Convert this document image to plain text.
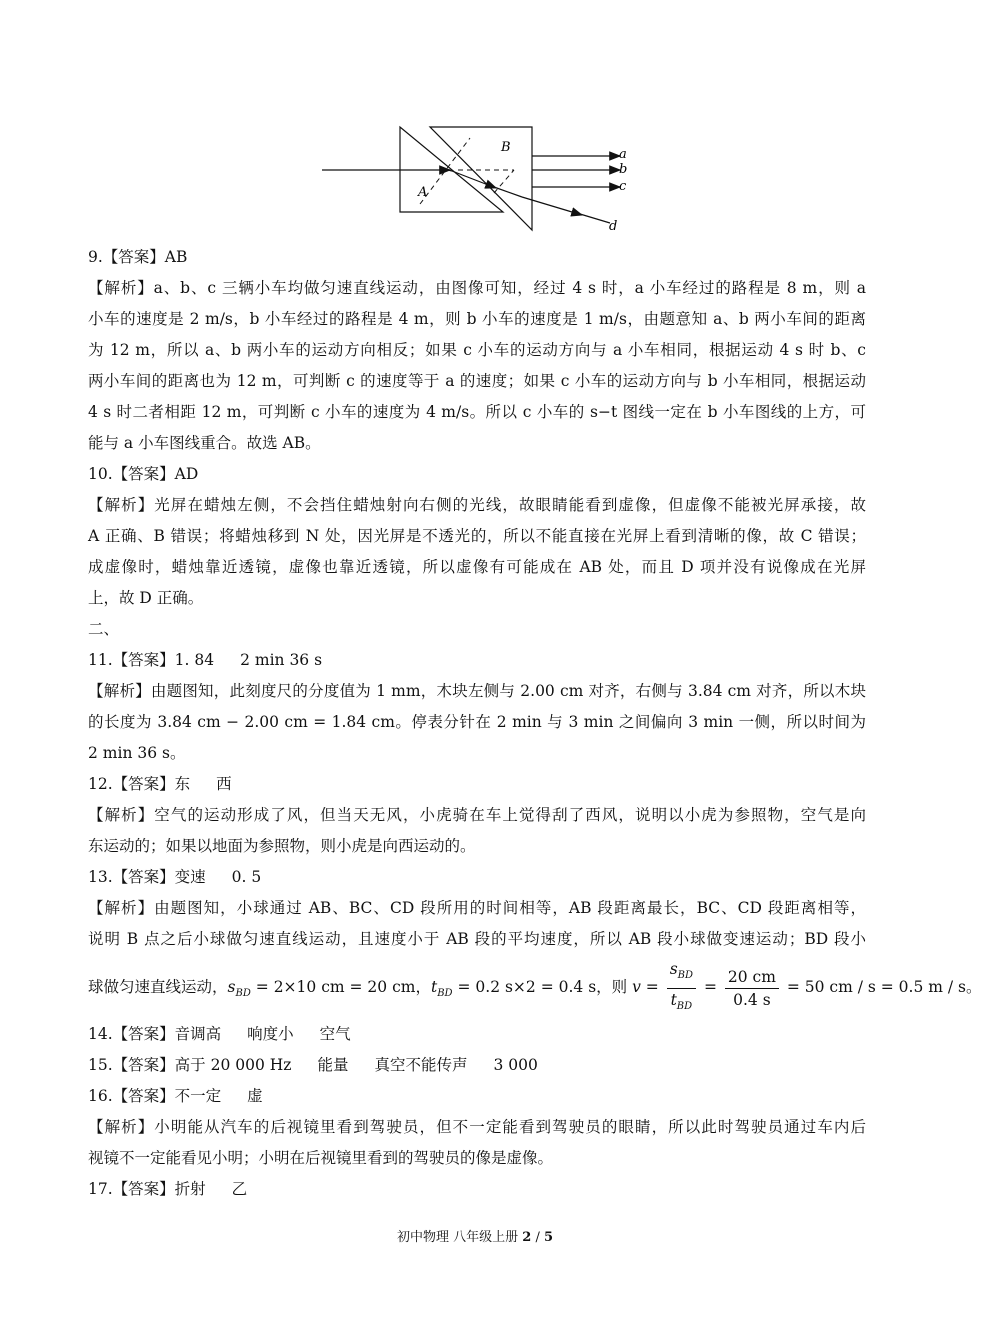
A
B	a
b
c
d
9.【答案】AB
【解析】a、b、c 三辆小车均做匀速直线运动，由图像可知，经过 4 s 时，a 小车经过的路程是 8 m，则 a
小车的速度是 2 m/s，b 小车经过的路程是 4 m，则 b 小车的速度是 1 m/s，由题意知 a、b 两小车间的距离
为 12 m，所以 a、b 两小车的运动方向相反；如果 c 小车的运动方向与 a 小车相同，根据运动 4 s 时 b、c
两小车间的距离也为 12 m，可判断 c 的速度等于 a 的速度；如果 c 小车的运动方向与 b 小车相同，根据运动
4 s 时二者相距 12 m，可判断 c 小车的速度为 4 m/s。所以 c 小车的 s−t 图线一定在 b 小车图线的上方，可
能与 a 小车图线重合。故选 AB。
10.【答案】AD
【解析】光屏在蜡烛左侧，不会挡住蜡烛射向右侧的光线，故眼睛能看到虚像，但虚像不能被光屏承接，故
A 正确、B 错误；将蜡烛移到 N 处，因光屏是不透光的，所以不能直接在光屏上看到清晰的像，故 C 错误；
成虚像时，蜡烛靠近透镜，虚像也靠近透镜，所以虚像有可能成在 AB 处，而且 D 项并没有说像成在光屏
上，故 D 正确。
二、
11.【答案】1. 84 2 min 36 s
【解析】由题图知，此刻度尺的分度值为 1 mm，木块左侧与 2.00 cm 对齐，右侧与 3.84 cm 对齐，所以木块
的长度为 3.84 cm − 2.00 cm = 1.84 cm。停表分针在 2 min 与 3 min 之间偏向 3 min 一侧，所以时间为
2 min 36 s。
12.【答案】东 西
【解析】空气的运动形成了风，但当天无风，小虎骑在车上觉得刮了西风，说明以小虎为参照物，空气是向
东运动的；如果以地面为参照物，则小虎是向西运动的。
13.【答案】变速 0. 5
【解析】由题图知，小球通过 AB、BC、CD 段所用的时间相等，AB 段距离最长，BC、CD 段距离相等，
说明 B 点之后小球做匀速直线运动，且速度小于 AB 段的平均速度，所以 AB 段小球做变速运动；BD 段小
球做匀速直线运动，$s_{BD} = 2\times 10$ cm = 20 cm，$t_{BD} = 0.2$ s×2 = 0.4 s，则 $v = \frac{s_{BD}}{t_{BD}} = \frac{20 cm}{0.4 s} = 50$ cm / s = 0.5 m / s。
14.【答案】音调高 响度小 空气
15.【答案】高于 20 000 Hz 能量 真空不能传声 3 000
16.【答案】不一定 虚
【解析】小明能从汽车的后视镜里看到驾驶员，但不一定能看到驾驶员的眼睛，所以此时驾驶员通过车内后
视镜不一定能看见小明；小明在后视镜里看到的驾驶员的像是虚像。
17.【答案】折射 乙
初中物理 八年级上册 2 / 5
